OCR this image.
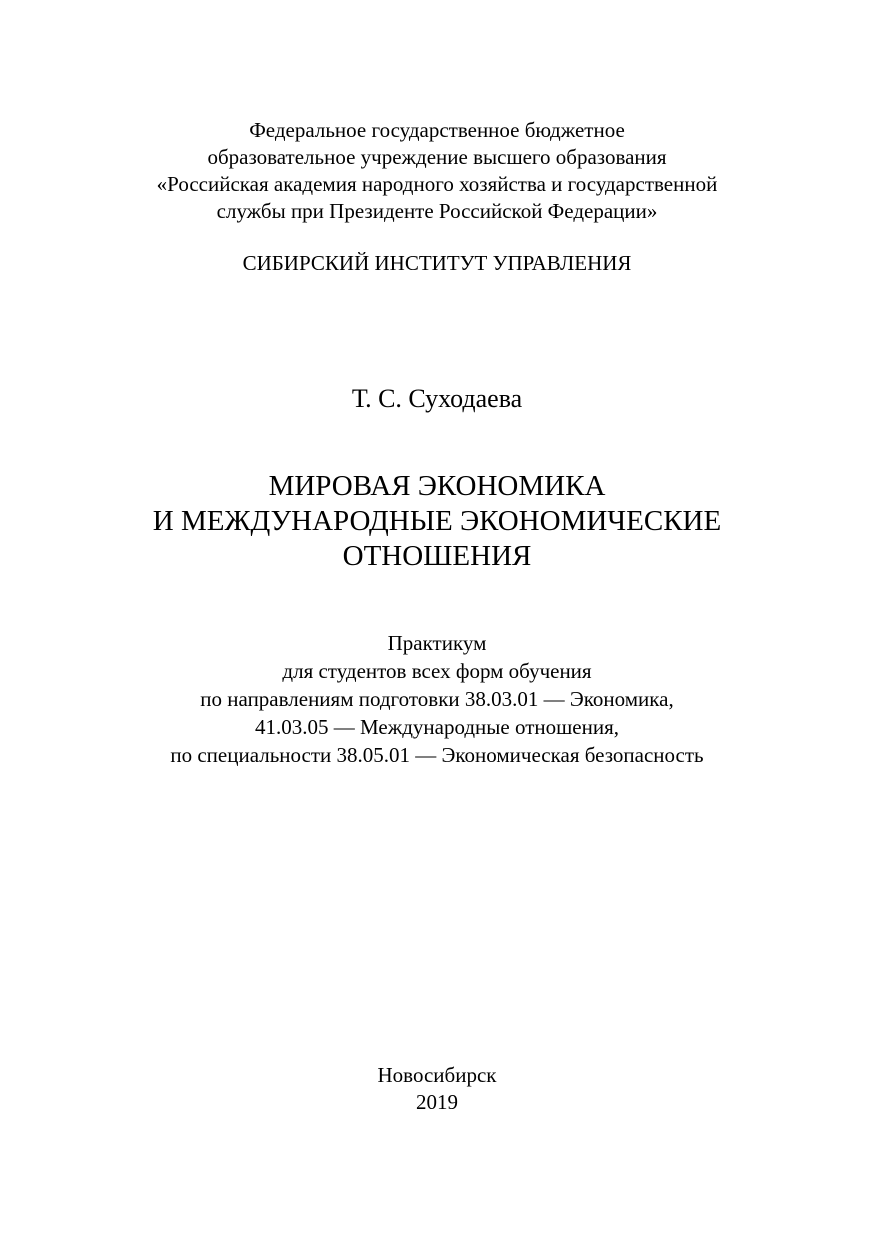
Федеральное государственное бюджетное
образовательное учреждение высшего образования
«Российская академия народного хозяйства и государственной
службы при Президенте Российской Федерации»
СИБИРСКИЙ ИНСТИТУТ УПРАВЛЕНИЯ
Т. С. Суходаева
МИРОВАЯ ЭКОНОМИКА
И МЕЖДУНАРОДНЫЕ ЭКОНОМИЧЕСКИЕ
ОТНОШЕНИЯ
Практикум
для студентов всех форм обучения
по направлениям подготовки 38.03.01 — Экономика,
41.03.05 — Международные отношения,
по специальности 38.05.01 — Экономическая безопасность
Новосибирск
2019
